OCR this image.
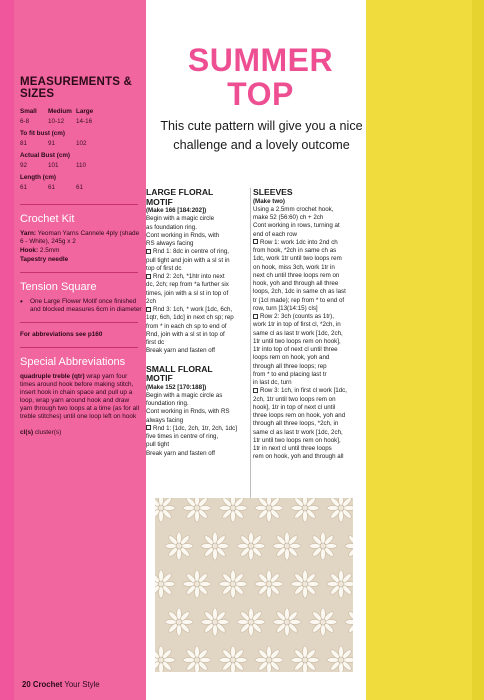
MEASUREMENTS & SIZES
Small	Medium Large
6-8	10-12	14-16
To fit bust (cm)
81	91	102
Actual Bust (cm)
92	101	110
Length (cm)
61	61	61
Crochet Kit
Yarn: Yeoman Yarns Cannele 4ply (shade 6 - White), 245g x 2
Hook: 2.5mm
Tapestry needle
Tension Square
•	One Large Flower Motif once finished and blocked measures 6cm in diameter
For abbreviations see p160
Special Abbreviations
quadruple treble (qtr) wrap yarn four times around hook before making stitch, insert hook in chain space and pull up a loop, wrap yarn around hook and draw yarn through two loops at a time (as for all treble stitches) until one loop left on hook
cl(s) cluster(s)
20 Crochet Your Style
SUMMER
TOP
This cute pattern will give you a nice challenge and a lovely outcome
LARGE FLORAL
MOTIF
(Make 166 [184:202])
Begin with a magic circle
as foundation ring.
Cont working in Rnds, with
RS always facing
Rnd 1: 8dc in centre of ring,
pull tight and join with a sl st in
top of first dc
Rnd 2: 2ch, *1htr into next
dc, 2ch; rep from *a further six
times, join with a sl st in top of
2ch
Rnd 3: 1ch, * work [1dc, 6ch,
1qtr, 6ch, 1dc] in next ch sp; rep
from * in each ch sp to end of
Rnd, join with a sl st in top of
first dc
Break yarn and fasten off
SMALL FLORAL
MOTIF
(Make 152 [170:188])
Begin with a magic circle as
foundation ring.
Cont working in Rnds, with RS
always facing
Rnd 1: [1dc, 2ch, 1tr, 2ch, 1dc]
five times in centre of ring,
pull tight
Break yarn and fasten off
SLEEVES
(Make two)
Using a 2.5mm crochet hook,
make 52 (56:60) ch + 2ch
Cont working in rows, turning at
end of each row
Row 1: work 1dc into 2nd ch
from hook, *2ch in same ch as
1dc, work 1tr until two loops rem
on hook, miss 3ch, work 1tr in
next ch until three loops rem on
hook, yoh and through all three
loops, 2ch, 1dc in same ch as last
tr (1cl made); rep from * to end of
row, turn [13(14:15) cls]
Row 2: 3ch (counts as 1tr),
work 1tr in top of first cl, *2ch, in
same cl as last tr work [1dc, 2ch,
1tr until two loops rem on hook],
1tr into top of next cl until three
loops rem on hook, yoh and
through all three loops; rep
from * to end placing last tr
in last dc, turn
Row 3: 1ch, in first cl work [1dc,
2ch, 1tr until two loops rem on
hook], 1tr in top of next cl until
three loops rem on hook, yoh and
through all three loops, *2ch, in
same cl as last tr work [1dc, 2ch,
1tr until two loops rem on hook],
1tr in next cl until three loops
rem on hook, yoh and through all
